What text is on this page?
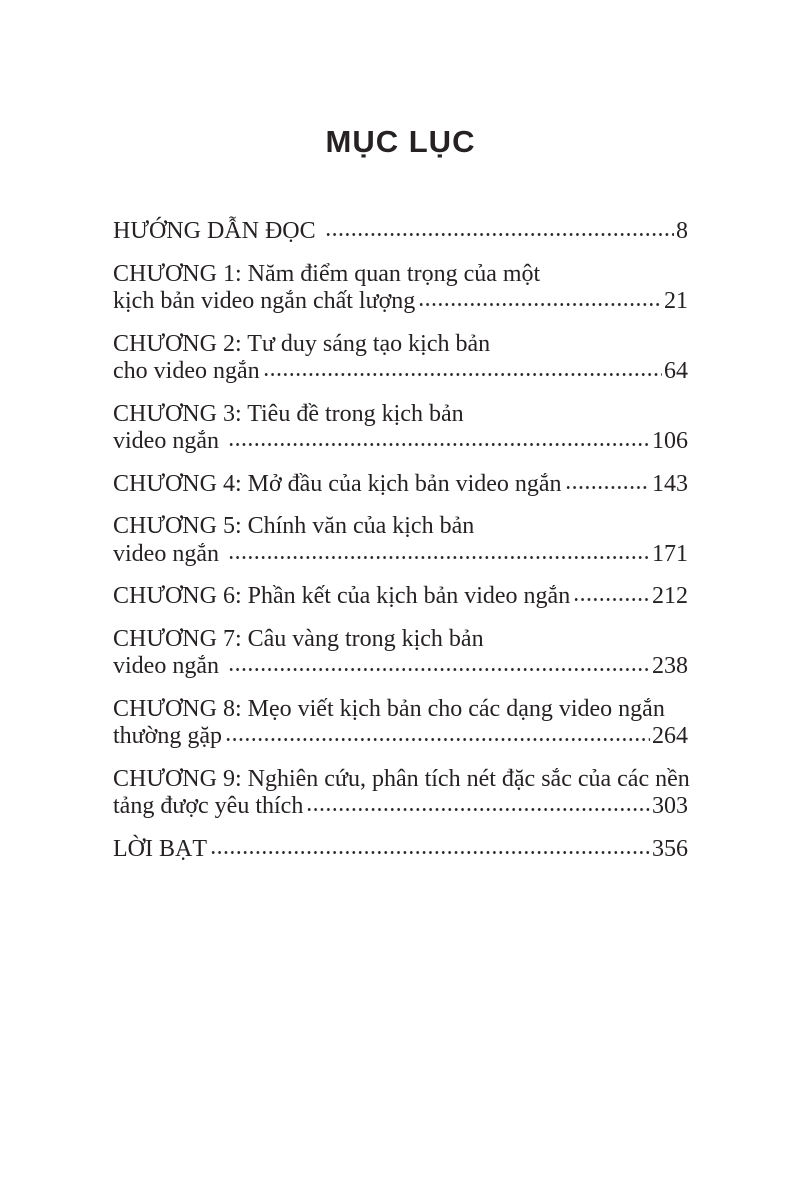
MỤC LỤC
HƯỚNG DẪN ĐỌC	8
CHƯƠNG 1: Năm điểm quan trọng của một
kịch bản video ngắn chất lượng	21
CHƯƠNG 2: Tư duy sáng tạo kịch bản
cho video ngắn	64
CHƯƠNG 3: Tiêu đề trong kịch bản
video ngắn	106
CHƯƠNG 4: Mở đầu của kịch bản video ngắn	143
CHƯƠNG 5: Chính văn của kịch bản
video ngắn	171
CHƯƠNG 6: Phần kết của kịch bản video ngắn	212
CHƯƠNG 7: Câu vàng trong kịch bản
video ngắn	238
CHƯƠNG 8: Mẹo viết kịch bản cho các dạng video ngắn
thường gặp	264
CHƯƠNG 9: Nghiên cứu, phân tích nét đặc sắc của các nền
tảng được yêu thích	303
LỜI BẠT	356
